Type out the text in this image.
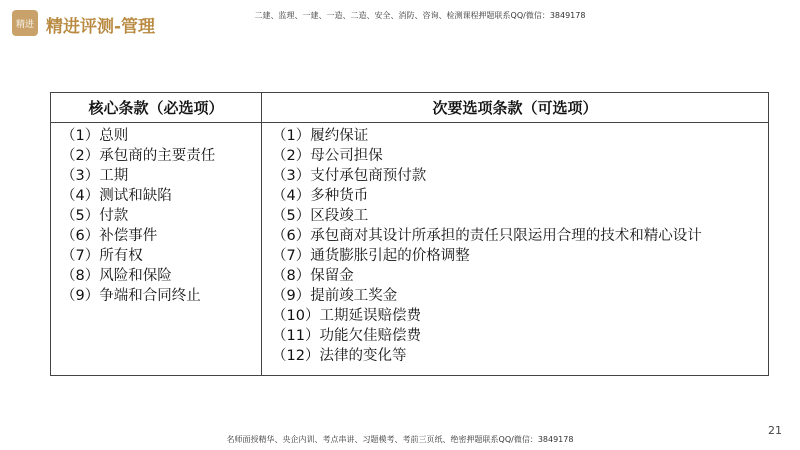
精进 精进评测-管理
二建、监理、一建、一造、二造、安全、消防、咨询、检测课程押题联系QQ/微信：3849178
核心条款（必选项）	次要选项条款（可选项）
（1）总则
（2）承包商的主要责任
（3）工期
（4）测试和缺陷
（5）付款
（6）补偿事件
（7）所有权
（8）风险和保险
（9）争端和合同终止
（1）履约保证
（2）母公司担保
（3）支付承包商预付款
（4）多种货币
（5）区段竣工
（6）承包商对其设计所承担的责任只限运用合理的技术和精心设计
（7）通货膨胀引起的价格调整
（8）保留金
（9）提前竣工奖金
（10）工期延误赔偿费
（11）功能欠佳赔偿费
（12）法律的变化等
名师面授精华、央企内训、考点串讲、习题模考、考前三页纸、绝密押题联系QQ/微信：3849178
21
